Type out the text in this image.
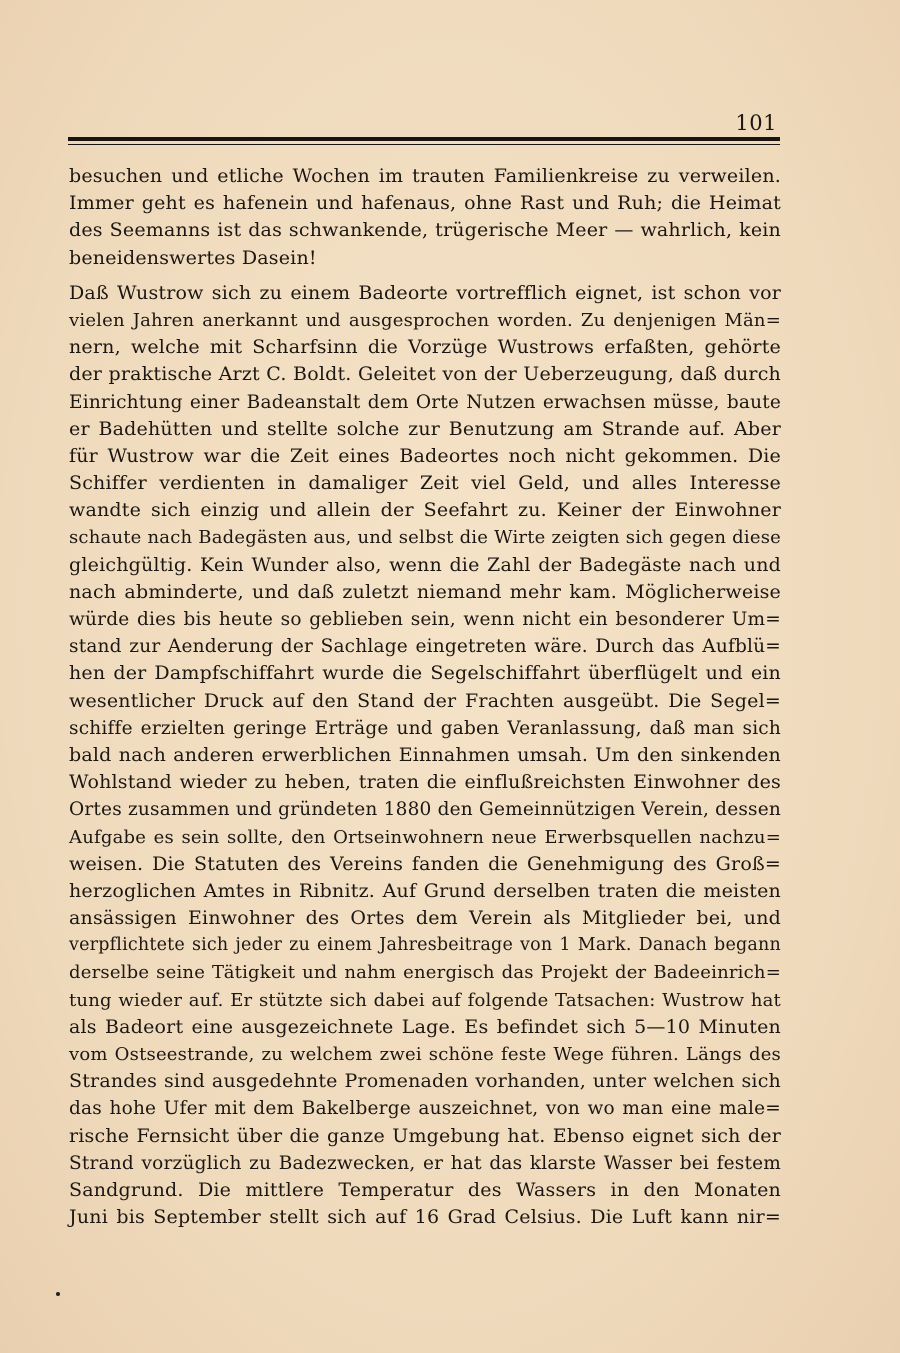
101
besuchen und etliche Wochen im trauten Familienkreise zu verweilen.
Immer geht es hafenein und hafenaus, ohne Rast und Ruh; die Heimat
des Seemanns ist das schwankende, trügerische Meer — wahrlich, kein
beneidenswertes Dasein!
Daß Wustrow sich zu einem Badeorte vortrefflich eignet, ist schon vor
vielen Jahren anerkannt und ausgesprochen worden. Zu denjenigen Män=
nern, welche mit Scharfsinn die Vorzüge Wustrows erfaßten, gehörte
der praktische Arzt C. Boldt. Geleitet von der Ueberzeugung, daß durch
Einrichtung einer Badeanstalt dem Orte Nutzen erwachsen müsse, baute
er Badehütten und stellte solche zur Benutzung am Strande auf. Aber
für Wustrow war die Zeit eines Badeortes noch nicht gekommen. Die
Schiffer verdienten in damaliger Zeit viel Geld, und alles Interesse
wandte sich einzig und allein der Seefahrt zu. Keiner der Einwohner
schaute nach Badegästen aus, und selbst die Wirte zeigten sich gegen diese
gleichgültig. Kein Wunder also, wenn die Zahl der Badegäste nach und
nach abminderte, und daß zuletzt niemand mehr kam. Möglicherweise
würde dies bis heute so geblieben sein, wenn nicht ein besonderer Um=
stand zur Aenderung der Sachlage eingetreten wäre. Durch das Aufblü=
hen der Dampfschiffahrt wurde die Segelschiffahrt überflügelt und ein
wesentlicher Druck auf den Stand der Frachten ausgeübt. Die Segel=
schiffe erzielten geringe Erträge und gaben Veranlassung, daß man sich
bald nach anderen erwerblichen Einnahmen umsah. Um den sinkenden
Wohlstand wieder zu heben, traten die einflußreichsten Einwohner des
Ortes zusammen und gründeten 1880 den Gemeinnützigen Verein, dessen
Aufgabe es sein sollte, den Ortseinwohnern neue Erwerbsquellen nachzu=
weisen. Die Statuten des Vereins fanden die Genehmigung des Groß=
herzoglichen Amtes in Ribnitz. Auf Grund derselben traten die meisten
ansässigen Einwohner des Ortes dem Verein als Mitglieder bei, und
verpflichtete sich jeder zu einem Jahresbeitrage von 1 Mark. Danach begann
derselbe seine Tätigkeit und nahm energisch das Projekt der Badeeinrich=
tung wieder auf. Er stützte sich dabei auf folgende Tatsachen: Wustrow hat
als Badeort eine ausgezeichnete Lage. Es befindet sich 5—10 Minuten
vom Ostseestrande, zu welchem zwei schöne feste Wege führen. Längs des
Strandes sind ausgedehnte Promenaden vorhanden, unter welchen sich
das hohe Ufer mit dem Bakelberge auszeichnet, von wo man eine male=
rische Fernsicht über die ganze Umgebung hat. Ebenso eignet sich der
Strand vorzüglich zu Badezwecken, er hat das klarste Wasser bei festem
Sandgrund. Die mittlere Temperatur des Wassers in den Monaten
Juni bis September stellt sich auf 16 Grad Celsius. Die Luft kann nir=
